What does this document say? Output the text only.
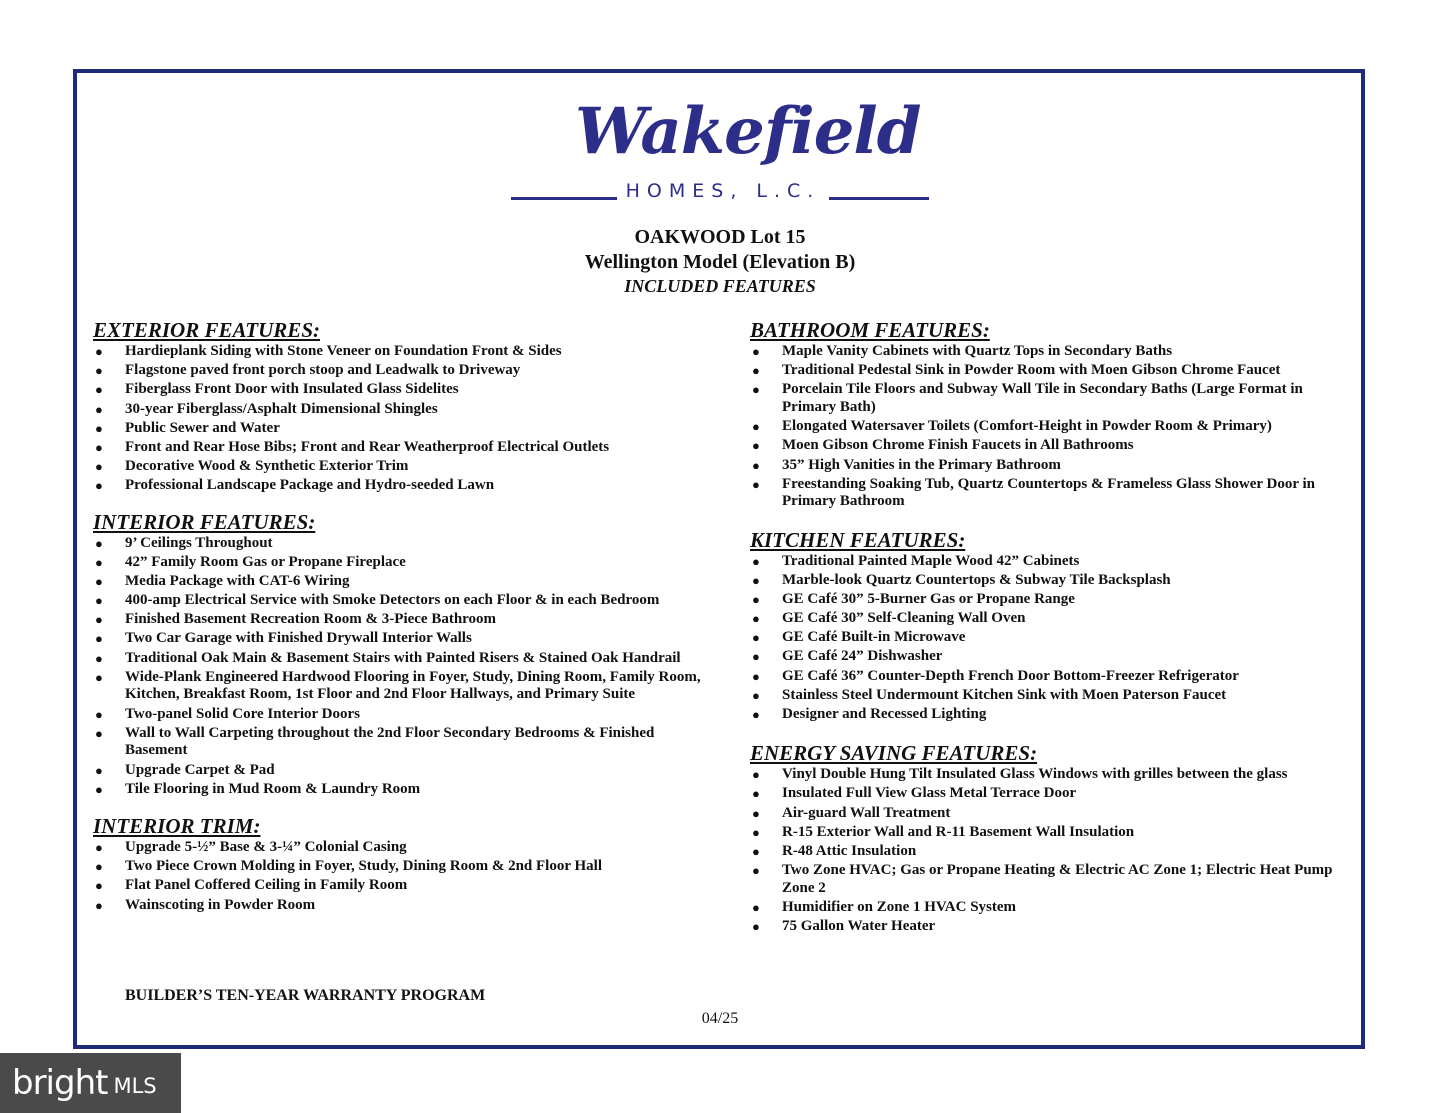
Wakefield
HOMES, L.C.
OAKWOOD Lot 15
Wellington Model (Elevation B)
INCLUDED FEATURES
EXTERIOR FEATURES:
● Hardieplank Siding with Stone Veneer on Foundation Front & Sides
● Flagstone paved front porch stoop and Leadwalk to Driveway
● Fiberglass Front Door with Insulated Glass Sidelites
● 30-year Fiberglass/Asphalt Dimensional Shingles
● Public Sewer and Water
● Front and Rear Hose Bibs; Front and Rear Weatherproof Electrical Outlets
● Decorative Wood & Synthetic Exterior Trim
● Professional Landscape Package and Hydro-seeded Lawn
INTERIOR FEATURES:
● 9’ Ceilings Throughout
● 42” Family Room Gas or Propane Fireplace
● Media Package with CAT-6 Wiring
● 400-amp Electrical Service with Smoke Detectors on each Floor & in each Bedroom
● Finished Basement Recreation Room & 3-Piece Bathroom
● Two Car Garage with Finished Drywall Interior Walls
● Traditional Oak Main & Basement Stairs with Painted Risers & Stained Oak Handrail
● Wide-Plank Engineered Hardwood Flooring in Foyer, Study, Dining Room, Family Room, Kitchen, Breakfast Room, 1st Floor and 2nd Floor Hallways, and Primary Suite
● Two-panel Solid Core Interior Doors
● Wall to Wall Carpeting throughout the 2nd Floor Secondary Bedrooms & Finished Basement
● Upgrade Carpet & Pad
● Tile Flooring in Mud Room & Laundry Room
INTERIOR TRIM:
● Upgrade 5-½” Base & 3-¼” Colonial Casing
● Two Piece Crown Molding in Foyer, Study, Dining Room & 2nd Floor Hall
● Flat Panel Coffered Ceiling in Family Room
● Wainscoting in Powder Room
BATHROOM FEATURES:
● Maple Vanity Cabinets with Quartz Tops in Secondary Baths
● Traditional Pedestal Sink in Powder Room with Moen Gibson Chrome Faucet
● Porcelain Tile Floors and Subway Wall Tile in Secondary Baths (Large Format in Primary Bath)
● Elongated Watersaver Toilets (Comfort-Height in Powder Room & Primary)
● Moen Gibson Chrome Finish Faucets in All Bathrooms
● 35” High Vanities in the Primary Bathroom
● Freestanding Soaking Tub, Quartz Countertops & Frameless Glass Shower Door in Primary Bathroom
KITCHEN FEATURES:
● Traditional Painted Maple Wood 42” Cabinets
● Marble-look Quartz Countertops & Subway Tile Backsplash
● GE Café 30” 5-Burner Gas or Propane Range
● GE Café 30” Self-Cleaning Wall Oven
● GE Café Built-in Microwave
● GE Café 24” Dishwasher
● GE Café 36” Counter-Depth French Door Bottom-Freezer Refrigerator
● Stainless Steel Undermount Kitchen Sink with Moen Paterson Faucet
● Designer and Recessed Lighting
ENERGY SAVING FEATURES:
● Vinyl Double Hung Tilt Insulated Glass Windows with grilles between the glass
● Insulated Full View Glass Metal Terrace Door
● Air-guard Wall Treatment
● R-15 Exterior Wall and R-11 Basement Wall Insulation
● R-48 Attic Insulation
● Two Zone HVAC; Gas or Propane Heating & Electric AC Zone 1; Electric Heat Pump Zone 2
● Humidifier on Zone 1 HVAC System
● 75 Gallon Water Heater
BUILDER’S TEN-YEAR WARRANTY PROGRAM
04/25
bright MLS
